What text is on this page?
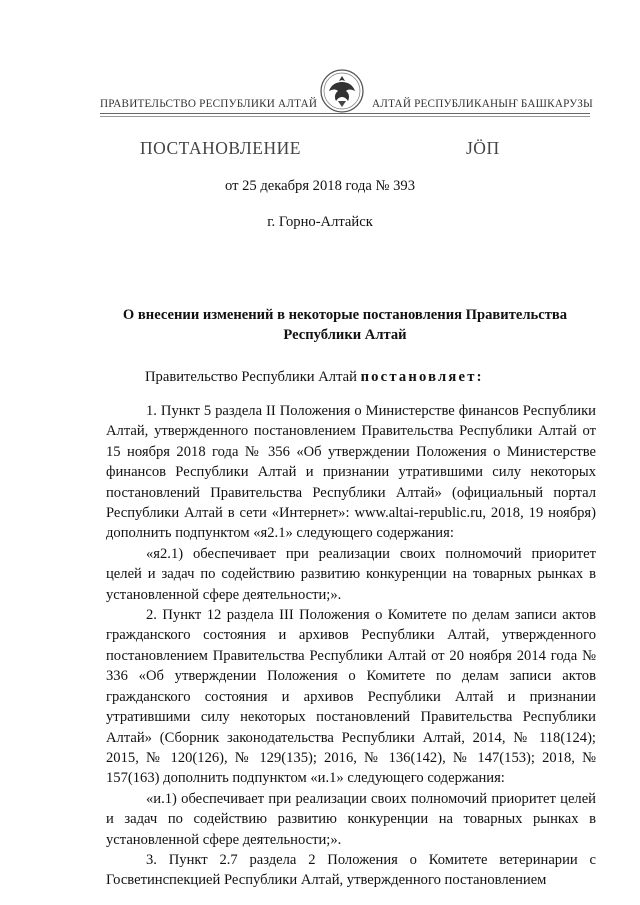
ПРАВИТЕЛЬСТВО РЕСПУБЛИКИ АЛТАЙ	АЛТАЙ РЕСПУБЛИКАНЫҤ БАШКАРУЗЫ
ПОСТАНОВЛЕНИЕ	ЈӦП
от 25 декабря 2018 года № 393
г. Горно-Алтайск
О внесении изменений в некоторые постановления Правительства Республики Алтай
Правительство Республики Алтай постановляет:

1. Пункт 5 раздела II Положения о Министерстве финансов Республики Алтай, утвержденного постановлением Правительства Республики Алтай от 15 ноября 2018 года № 356 «Об утверждении Положения о Министерстве финансов Республики Алтай и признании утратившими силу некоторых постановлений Правительства Республики Алтай» (официальный портал Республики Алтай в сети «Интернет»: www.altai-republic.ru, 2018, 19 ноября) дополнить подпунктом «я2.1» следующего содержания:

«я2.1) обеспечивает при реализации своих полномочий приоритет целей и задач по содействию развитию конкуренции на товарных рынках в установленной сфере деятельности;».

2. Пункт 12 раздела III Положения о Комитете по делам записи актов гражданского состояния и архивов Республики Алтай, утвержденного постановлением Правительства Республики Алтай от 20 ноября 2014 года № 336 «Об утверждении Положения о Комитете по делам записи актов гражданского состояния и архивов Республики Алтай и признании утратившими силу некоторых постановлений Правительства Республики Алтай» (Сборник законодательства Республики Алтай, 2014, № 118(124); 2015, № 120(126), № 129(135); 2016, № 136(142), № 147(153); 2018, № 157(163) дополнить подпунктом «и.1» следующего содержания:

«и.1) обеспечивает при реализации своих полномочий приоритет целей и задач по содействию развитию конкуренции на товарных рынках в установленной сфере деятельности;».

3. Пункт 2.7 раздела 2 Положения о Комитете ветеринарии с Госветинспекцией Республики Алтай, утвержденного постановлением
